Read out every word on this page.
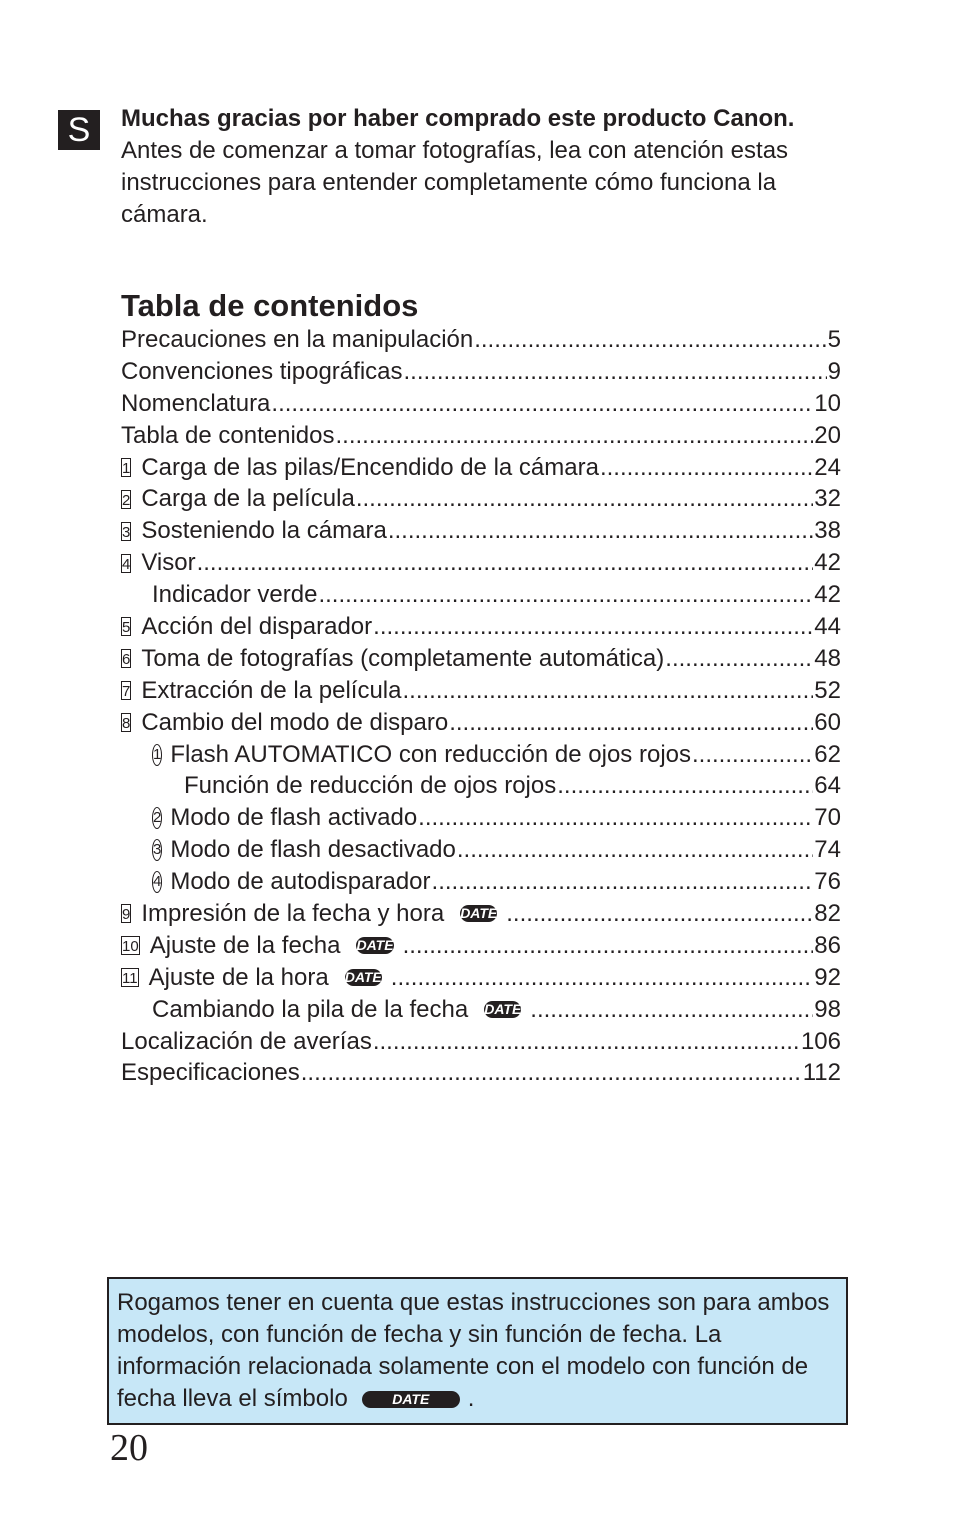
S	Muchas gracias por haber comprado este producto Canon.
Antes de comenzar a tomar fotografías, lea con atención estas instrucciones para entender completamente cómo funciona la cámara.
Tabla de contenidos
Precauciones en la manipulación .....	5
Convenciones tipográficas .....	9
Nomenclatura .....	10
Tabla de contenidos .....	20
1 Carga de las pilas/Encendido de la cámara .....	24
2 Carga de la película .....	32
3 Sosteniendo la cámara .....	38
4 Visor .....	42
Indicador verde .....	42
5 Acción del disparador .....	44
6 Toma de fotografías (completamente automática) .....	48
7 Extracción de la película .....	52
8 Cambio del modo de disparo .....	60
1 Flash AUTOMATICO con reducción de ojos rojos .....	62
Función de reducción de ojos rojos .....	64
2 Modo de flash activado .....	70
3 Modo de flash desactivado .....	74
4 Modo de autodisparador .....	76
9 Impresión de la fecha y hora DATE .....	82
10 Ajuste de la fecha DATE .....	86
11 Ajuste de la hora DATE .....	92
Cambiando la pila de la fecha DATE .....	98
Localización de averías .....	106
Especificaciones .....	112
Rogamos tener en cuenta que estas instrucciones son para ambos modelos, con función de fecha y sin función de fecha. La información relacionada solamente con el modelo con función de fecha lleva el símbolo	DATE .
20
